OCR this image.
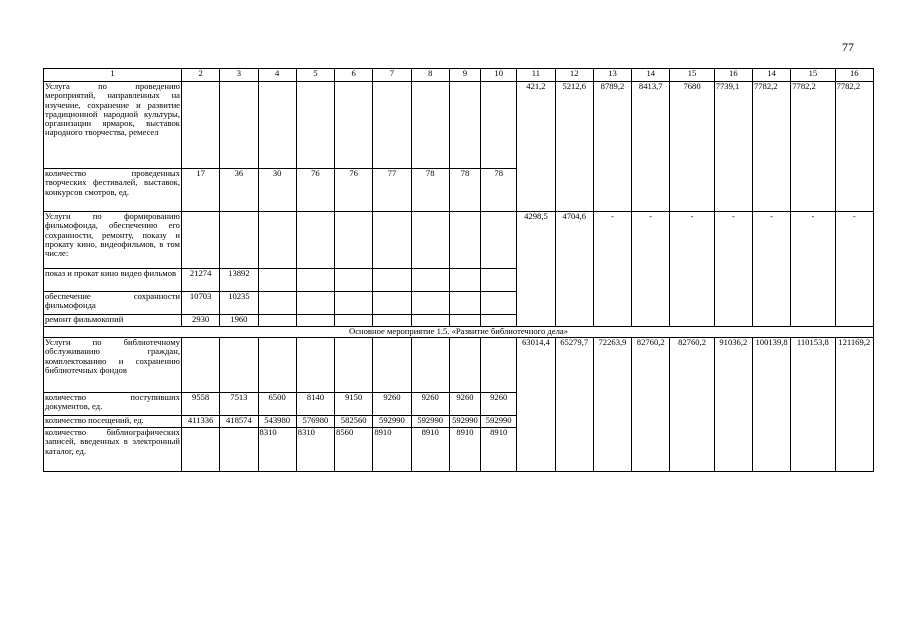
77
1	2	3	4	5	6	7	8	9	10	11	12	13	14	15	16	14	15	16
Услуга по проведению мероприятий, направленных на изучение, сохранение и развитие традиционной народной культуры, организации ярмарок, выставок народного творчества, ремесел										421,2	5212,6	8789,2	8413,7	7680	7739,1	7782,2	7782,2	7782,2
количество проведенных творческих фестивалей, выставок, конкурсов смотров, ед.	17	36	30	76	76	77	78	78	78									
Услуги по формированию фильмофонда, обеспечению его сохранности, ремонту, показу и прокату кино, видеофильмов, в том числе:										4298,5	4704,6	-	-	-	-	-	-	-
показ и прокат кино видео фильмов	21274	13892																
обеспечение сохранности фильмофонда	10703	10235																
ремонт фильмокопий	2930	1960																
Основное мероприятие 1.5. «Развитие библиотечного дела»																		
Услуги по библиотечному обслуживанию граждан, комплектованию и сохранению библиотечных фондов										63014,4	65279,7	72263,9	82760,2	82760,2	91036,2	100139,8	110153,8	121169,2
количество поступивших документов, ед.	9558	7513	6500	8140	9150	9260	9260	9260	9260									
количество посещений, ед.	411336	418574	543980	576980	582560	592990	592990	592990	592990									
количество библиографических записей, введенных в электронный каталог, ед.			8310	8310	8560	8910	8910	8910	8910									
